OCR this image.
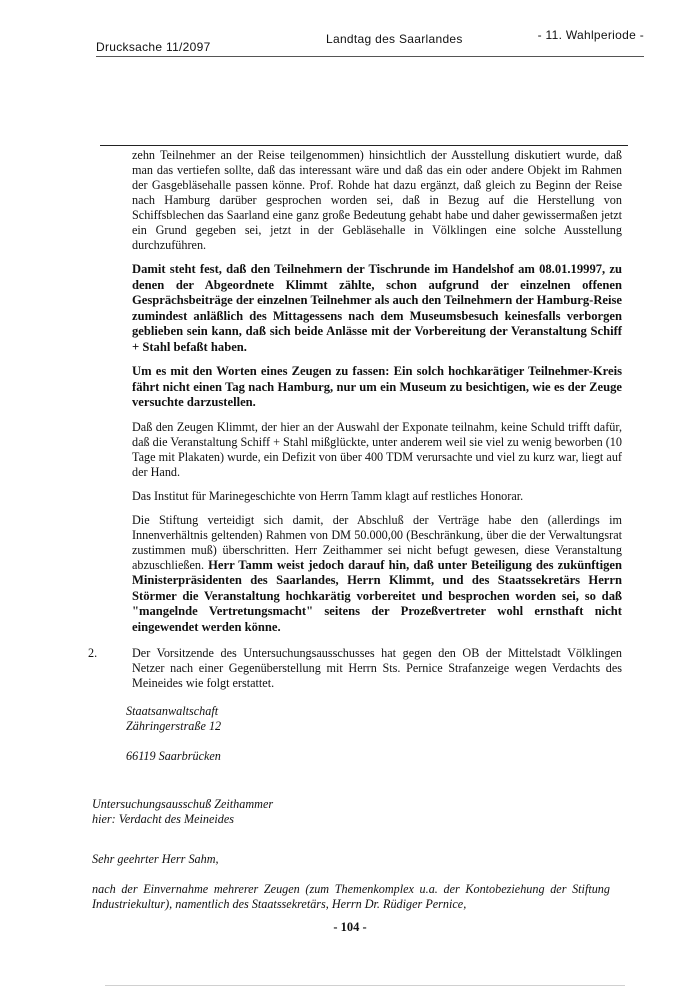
Drucksache 11/2097
Landtag des Saarlandes	- 11. Wahlperiode -

zehn Teilnehmer an der Reise teilgenommen) hinsichtlich der Ausstellung diskutiert wurde, daß man das vertiefen sollte, daß das interessant wäre und daß das ein oder andere Objekt im Rahmen der Gasgebläsehalle passen könne. Prof. Rohde hat dazu ergänzt, daß gleich zu Beginn der Reise nach Hamburg darüber gesprochen worden sei, daß in Bezug auf die Herstellung von Schiffsblechen das Saarland eine ganz große Bedeutung gehabt habe und daher gewissermaßen jetzt ein Grund gegeben sei, jetzt in der Gebläsehalle in Völklingen eine solche Ausstellung durchzuführen.

Damit steht fest, daß den Teilnehmern der Tischrunde im Handelshof am 08.01.19997, zu denen der Abgeordnete Klimmt zählte, schon aufgrund der einzelnen offenen Gesprächsbeiträge der einzelnen Teilnehmer als auch den Teilnehmern der Hamburg-Reise zumindest anläßlich des Mittagessens nach dem Museumsbesuch keinesfalls verborgen geblieben sein kann, daß sich beide Anlässe mit der Vorbereitung der Veranstaltung Schiff + Stahl befaßt haben.

Um es mit den Worten eines Zeugen zu fassen: Ein solch hochkarätiger Teilnehmer-Kreis fährt nicht einen Tag nach Hamburg, nur um ein Museum zu besichtigen, wie es der Zeuge versuchte darzustellen.

Daß den Zeugen Klimmt, der hier an der Auswahl der Exponate teilnahm, keine Schuld trifft dafür, daß die Veranstaltung Schiff + Stahl mißglückte, unter anderem weil sie viel zu wenig beworben (10 Tage mit Plakaten) wurde, ein Defizit von über 400 TDM verursachte und viel zu kurz war, liegt auf der Hand.

Das Institut für Marinegeschichte von Herrn Tamm klagt auf restliches Honorar.

Die Stiftung verteidigt sich damit, der Abschluß der Verträge habe den (allerdings im Innenverhältnis geltenden) Rahmen von DM 50.000,00 (Beschränkung, über die der Verwaltungsrat zustimmen muß) überschritten. Herr Zeithammer sei nicht befugt gewesen, diese Veranstaltung abzuschließen. Herr Tamm weist jedoch darauf hin, daß unter Beteiligung des zukünftigen Ministerpräsidenten des Saarlandes, Herrn Klimmt, und des Staatssekretärs Herrn Störmer die Veranstaltung hochkarätig vorbereitet und besprochen worden sei, so daß "mangelnde Vertretungsmacht" seitens der Prozeßvertreter wohl ernsthaft nicht eingewendet werden könne.

2.	Der Vorsitzende des Untersuchungsausschusses hat gegen den OB der Mittelstadt Völklingen Netzer nach einer Gegenüberstellung mit Herrn Sts. Pernice Strafanzeige wegen Verdachts des Meineides wie folgt erstattet.
Staatsanwaltschaft
Zähringerstraße 12
66119 Saarbrücken
Untersuchungsausschuß Zeithammer
hier: Verdacht des Meineides
Sehr geehrter Herr Sahm,
nach der Einvernahme mehrerer Zeugen (zum Themenkomplex u.a. der Kontobeziehung der Stiftung Industriekultur), namentlich des Staatssekretärs, Herrn Dr. Rüdiger Pernice,
- 104 -
